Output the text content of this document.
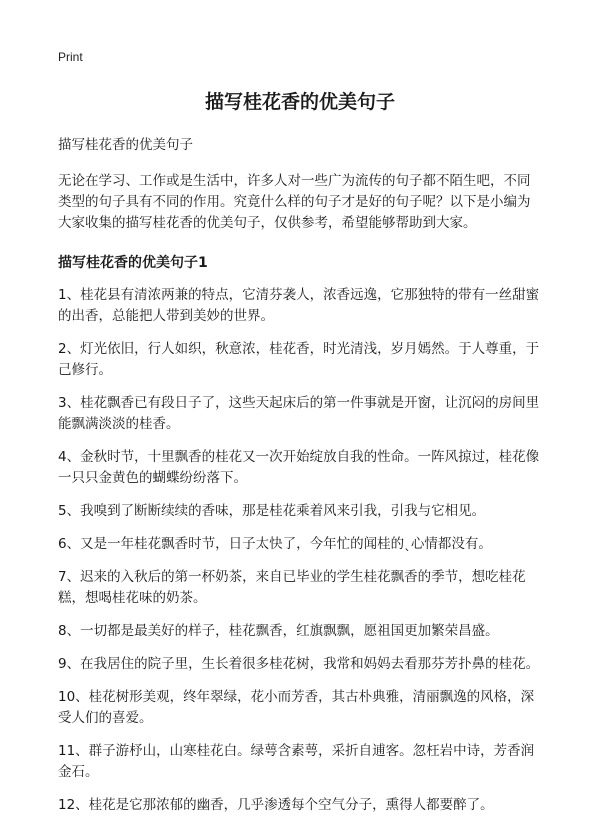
Print
描写桂花香的优美句子

描写桂花香的优美句子

无论在学习、工作或是生活中，许多人对一些广为流传的句子都不陌生吧，不同类型的句子具有不同的作用。究竟什么样的句子才是好的句子呢？以下是小编为大家收集的描写桂花香的优美句子，仅供参考，希望能够帮助到大家。

描写桂花香的优美句子1
1、桂花县有清浓两兼的特点，它清芬袭人，浓香远逸，它那独特的带有一丝甜蜜的出香，总能把人带到美妙的世界。
2、灯光依旧，行人如织，秋意浓，桂花香，时光清浅，岁月嫣然。于人尊重，于己修行。
3、桂花飘香已有段日子了，这些天起床后的第一件事就是开窗，让沉闷的房间里能飘满淡淡的桂香。
4、金秋时节，十里飘香的桂花又一次开始绽放自我的性命。一阵风掠过，桂花像一只只金黄色的蝴蝶纷纷落下。
5、我嗅到了断断续续的香味，那是桂花乘着风来引我，引我与它相见。
6、又是一年桂花飘香时节，日子太快了，今年忙的闻桂的ˎ心情都没有。
7、迟来的入秋后的第一杯奶茶，来自已毕业的学生桂花飘香的季节，想吃桂花糕，想喝桂花味的奶茶。
8、一切都是最美好的样子，桂花飘香，红旗飘飘，愿祖国更加繁荣昌盛。
9、在我居住的院子里，生长着很多桂花树，我常和妈妈去看那芬芳扑鼻的桂花。
10、桂花树形美观，终年翠绿，花小而芳香，其古朴典雅，清丽飘逸的风格，深受人们的喜爱。
11、群子游杼山，山寒桂花白。绿萼含素萼，采折自逋客。忽枉岩中诗，芳香润金石。
12、桂花是它那浓郁的幽香，几乎渗透每个空气分子，熏得人都要醉了。
